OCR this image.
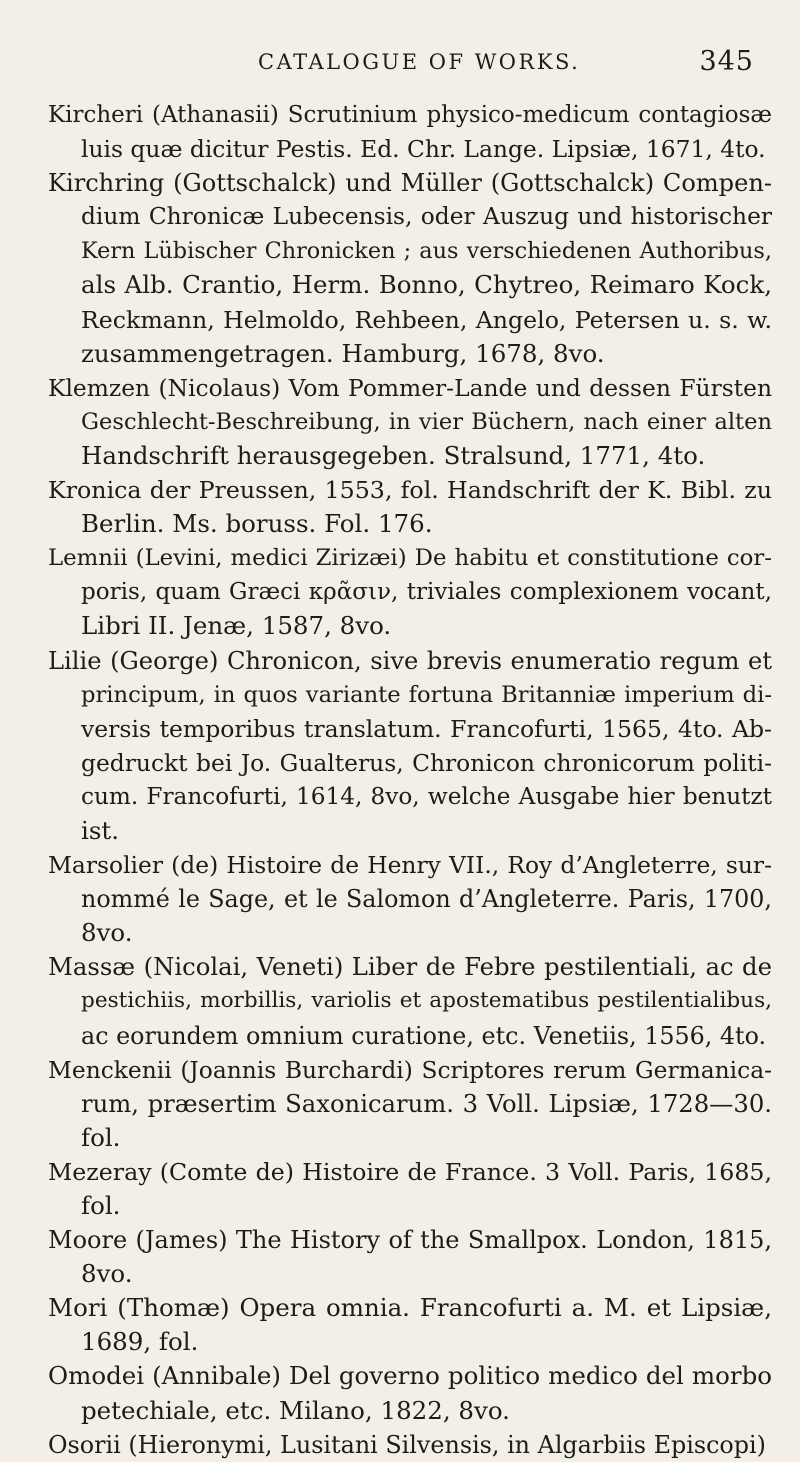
CATALOGUE OF WORKS.	345
Kircheri (Athanasii) Scrutinium physico-medicum contagiosæ
luis quæ dicitur Pestis. Ed. Chr. Lange. Lipsiæ, 1671, 4to.
Kirchring (Gottschalck) und Müller (Gottschalck) Compen-
dium Chronicæ Lubecensis, oder Auszug und historischer
Kern Lübischer Chronicken ; aus verschiedenen Authoribus,
als Alb. Crantio, Herm. Bonno, Chytreo, Reimaro Kock,
Reckmann, Helmoldo, Rehbeen, Angelo, Petersen u. s. w.
zusammengetragen. Hamburg, 1678, 8vo.
Klemzen (Nicolaus) Vom Pommer-Lande und dessen Fürsten
Geschlecht-Beschreibung, in vier Büchern, nach einer alten
Handschrift herausgegeben. Stralsund, 1771, 4to.
Kronica der Preussen, 1553, fol. Handschrift der K. Bibl. zu
Berlin. Ms. boruss. Fol. 176.
Lemnii (Levini, medici Zirizæi) De habitu et constitutione cor-
poris, quam Græci κρᾶσιν, triviales complexionem vocant,
Libri II. Jenæ, 1587, 8vo.
Lilie (George) Chronicon, sive brevis enumeratio regum et
principum, in quos variante fortuna Britanniæ imperium di-
versis temporibus translatum. Francofurti, 1565, 4to. Ab-
gedruckt bei Jo. Gualterus, Chronicon chronicorum politi-
cum. Francofurti, 1614, 8vo, welche Ausgabe hier benutzt
ist.
Marsolier (de) Histoire de Henry VII., Roy d’Angleterre, sur-
nommé le Sage, et le Salomon d’Angleterre. Paris, 1700,
8vo.
Massæ (Nicolai, Veneti) Liber de Febre pestilentiali, ac de
pestichiis, morbillis, variolis et apostematibus pestilentialibus,
ac eorundem omnium curatione, etc. Venetiis, 1556, 4to.
Menckenii (Joannis Burchardi) Scriptores rerum Germanica-
rum, præsertim Saxonicarum. 3 Voll. Lipsiæ, 1728—30.
fol.
Mezeray (Comte de) Histoire de France. 3 Voll. Paris, 1685,
fol.
Moore (James) The History of the Smallpox. London, 1815,
8vo.
Mori (Thomæ) Opera omnia. Francofurti a. M. et Lipsiæ,
1689, fol.
Omodei (Annibale) Del governo politico medico del morbo
petechiale, etc. Milano, 1822, 8vo.
Osorii (Hieronymi, Lusitani Silvensis, in Algarbiis Episcopi)
